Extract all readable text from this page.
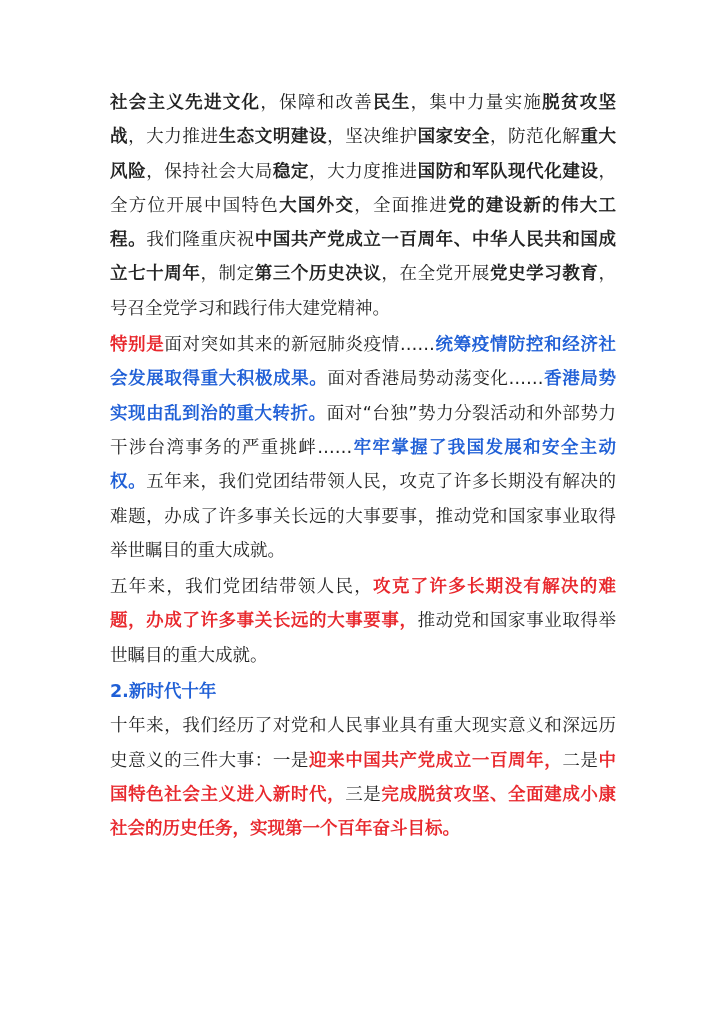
社会主义先进文化，保障和改善民生，集中力量实施脱贫攻坚战，大力推进生态文明建设，坚决维护国家安全，防范化解重大风险，保持社会大局稳定，大力度推进国防和军队现代化建设，全方位开展中国特色大国外交，全面推进党的建设新的伟大工程。我们隆重庆祝中国共产党成立一百周年、中华人民共和国成立七十周年，制定第三个历史决议，在全党开展党史学习教育，号召全党学习和践行伟大建党精神。

特别是面对突如其来的新冠肺炎疫情……统筹疫情防控和经济社会发展取得重大积极成果。面对香港局势动荡变化……香港局势实现由乱到治的重大转折。面对“台独”势力分裂活动和外部势力干涉台湾事务的严重挑衅……牢牢掌握了我国发展和安全主动权。五年来，我们党团结带领人民，攻克了许多长期没有解决的难题，办成了许多事关长远的大事要事，推动党和国家事业取得举世瞩目的重大成就。

五年来，我们党团结带领人民，攻克了许多长期没有解决的难题，办成了许多事关长远的大事要事，推动党和国家事业取得举世瞩目的重大成就。

2.新时代十年

十年来，我们经历了对党和人民事业具有重大现实意义和深远历史意义的三件大事：一是迎来中国共产党成立一百周年，二是中国特色社会主义进入新时代，三是完成脱贫攻坚、全面建成小康社会的历史任务，实现第一个百年奋斗目标。
